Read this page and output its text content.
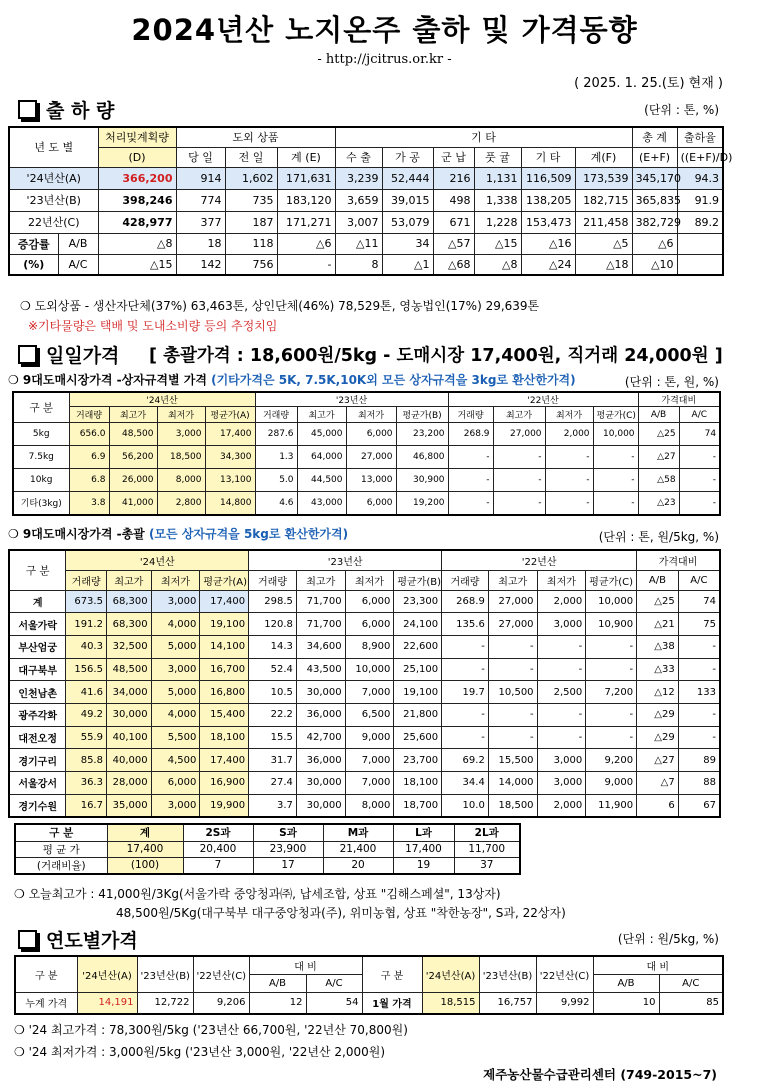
2024년산 노지온주 출하 및 가격동향
- http://jcitrus.or.kr -
( 2025. 1. 25.(토) 현재 )
출 하 량	(단위 : 톤, %)
년 도 별		처리및계획량	도외 상품			기 타						총 계	출하율
		(D)	당 일	전 일	계 (E)	수 출	가 공	군 납	풋 귤	기 타	계(F)	(E+F)	((E+F)/D)
'24년산(A)		366,200	914	1,602	171,631	3,239	52,444	216	1,131	116,509	173,539	345,170	94.3
'23년산(B)		398,246	774	735	183,120	3,659	39,015	498	1,338	138,205	182,715	365,835	91.9
22년산(C)		428,977	377	187	171,271	3,007	53,079	671	1,228	153,473	211,458	382,729	89.2
증감률	A/B	△8	18	118	△6	△11	34	△57	△15	△16	△5	△6	
(%)	A/C	△15	142	756	-	8	△1	△68	△8	△24	△18	△10	
❍ 도외상품 - 생산자단체(37%) 63,463톤, 상인단체(46%) 78,529톤, 영농법인(17%) 29,639톤
※기타물량은 택배 및 도내소비량 등의 추정치임
일일가격 [ 총괄가격 : 18,600원/5kg - 도매시장 17,400원, 직거래 24,000원 ]
❍ 9대도매시장가격 -상자규격별 가격 (기타가격은 5K, 7.5K,10K외 모든 상자규격을 3kg로 환산한가격)	(단위 : 톤, 원, %)
구 분	'24년산				'23년산				'22년산				가격대비	
	거래량	최고가	최저가	평균가(A)	거래량	최고가	최저가	평균가(B)	거래량	최고가	최저가	평균가(C)	A/B	A/C
5kg	656.0	48,500	3,000	17,400	287.6	45,000	6,000	23,200	268.9	27,000	2,000	10,000	△25	74
7.5kg	6.9	56,200	18,500	34,300	1.3	64,000	27,000	46,800	-	-	-	-	△27	-
10kg	6.8	26,000	8,000	13,100	5.0	44,500	13,000	30,900	-	-	-	-	△58	-
기타(3kg)	3.8	41,000	2,800	14,800	4.6	43,000	6,000	19,200	-	-	-	-	△23	-
❍ 9대도매시장가격 -총괄 (모든 상자규격을 5kg로 환산한가격)	(단위 : 톤, 원/5kg, %)
구 분	'24년산				'23년산				'22년산				가격대비	
	거래량	최고가	최저가	평균가(A)	거래량	최고가	최저가	평균가(B)	거래량	최고가	최저가	평균가(C)	A/B	A/C
계	673.5	68,300	3,000	17,400	298.5	71,700	6,000	23,300	268.9	27,000	2,000	10,000	△25	74
서울가락	191.2	68,300	4,000	19,100	120.8	71,700	6,000	24,100	135.6	27,000	3,000	10,900	△21	75
부산엄궁	40.3	32,500	5,000	14,100	14.3	34,600	8,900	22,600	-	-	-	-	△38	-
대구북부	156.5	48,500	3,000	16,700	52.4	43,500	10,000	25,100	-	-	-	-	△33	-
인천남촌	41.6	34,000	5,000	16,800	10.5	30,000	7,000	19,100	19.7	10,500	2,500	7,200	△12	133
광주각화	49.2	30,000	4,000	15,400	22.2	36,000	6,500	21,800	-	-	-	-	△29	-
대전오정	55.9	40,100	5,500	18,100	15.5	42,700	9,000	25,600	-	-	-	-	△29	-
경기구리	85.8	40,000	4,500	17,400	31.7	36,000	7,000	23,700	69.2	15,500	3,000	9,200	△27	89
서울강서	36.3	28,000	6,000	16,900	27.4	30,000	7,000	18,100	34.4	14,000	3,000	9,000	△7	88
경기수원	16.7	35,000	3,000	19,900	3.7	30,000	8,000	18,700	10.0	18,500	2,000	11,900	6	67
구 분	계	2S과	S과	M과	L과	2L과
평 균 가	17,400	20,400	23,900	21,400	17,400	11,700
(거래비율)	(100)	7	17	20	19	37
❍ 오늘최고가 : 41,000원/3Kg(서울가락 중앙청과㈜, 납세조합, 상표 "김해스페셜", 13상자)
48,500원/5Kg(대구북부 대구중앙청과(주), 위미농협, 상표 "착한농장", S과, 22상자)
연도별가격	(단위 : 원/5kg, %)
구 분	'24년산(A)	'23년산(B)	'22년산(C)	대 비		구 분	'24년산(A)	'23년산(B)	'22년산(C)	대 비	
				A/B	A/C					A/B	A/C
누계 가격	14,191	12,722	9,206	12	54	1월 가격	18,515	16,757	9,992	10	85
❍ '24 최고가격 : 78,300원/5kg ('23년산 66,700원, '22년산 70,800원)
❍ '24 최저가격 : 3,000원/5kg ('23년산 3,000원, '22년산 2,000원)
제주농산물수급관리센터 (749-2015~7)
